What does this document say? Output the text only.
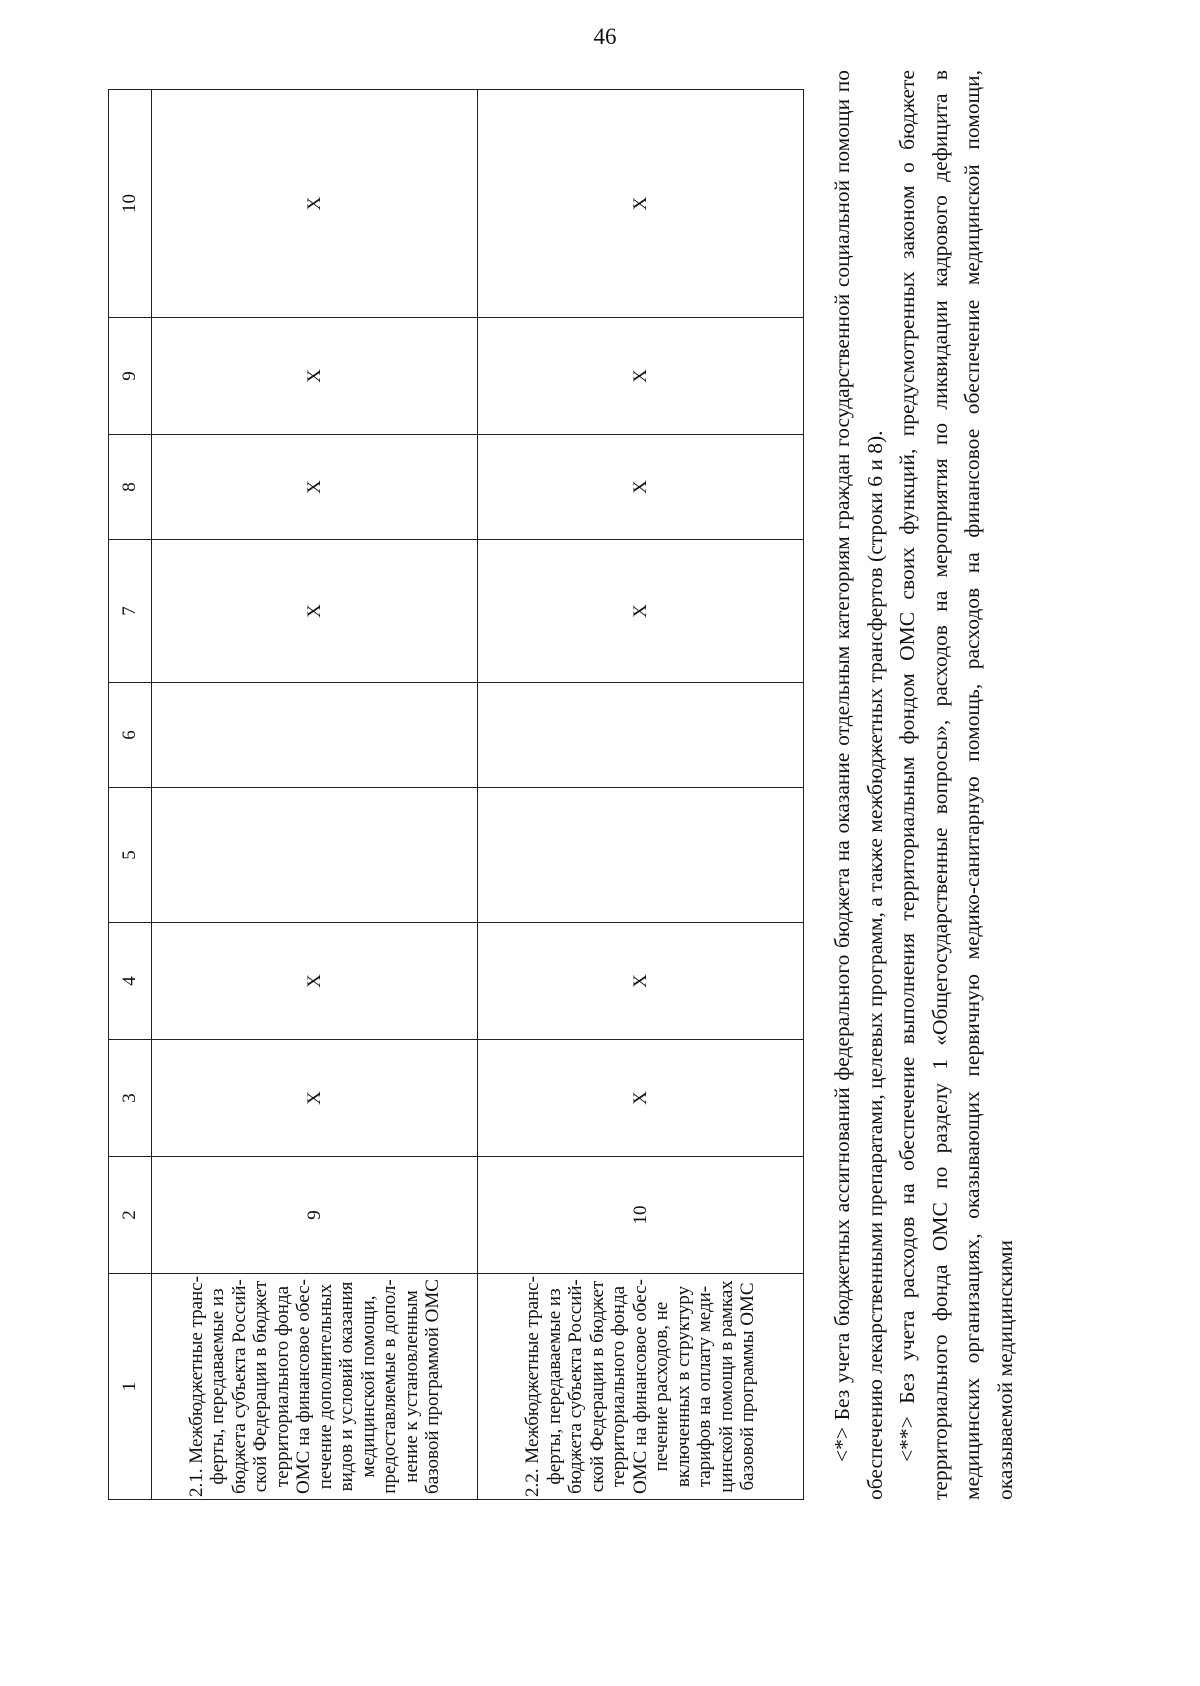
46
1	2	3	4	5	6	7	8	9	10
2.1. Межбюджетные трансферты, передаваемые из бюджета субъекта Российской Федерации в бюджет территориального фонда ОМС на финансовое обеспечение дополнительных видов и условий оказания медицинской помощи, предоставляемые в дополнение к установленным базовой программой ОМС	9	Х	Х			Х	Х	Х	Х
2.2. Межбюджетные трансферты, передаваемые из бюджета субъекта Российской Федерации в бюджет территориального фонда ОМС на финансовое обеспечение расходов, не включенных в структуру тарифов на оплату медицинской помощи в рамках базовой программы ОМС	10	Х	Х			Х	Х	Х	Х	<*> Без учета бюджетных ассигнований федерального бюджета на оказание отдельным категориям граждан государственной социальной помощи по обеспечению лекарственными препаратами, целевых программ, а также межбюджетных трансфертов (строки 6 и 8). <**> Без учета расходов на обеспечение выполнения территориальным фондом ОМС своих функций, предусмотренных законом о бюджете территориального фонда ОМС по разделу 1 «Общегосударственные вопросы», расходов на мероприятия по ликвидации кадрового дефицита в медицинских организациях, оказывающих первичную медико-санитарную помощь, расходов на финансовое обеспечение медицинской помощи, оказываемой медицинскими
